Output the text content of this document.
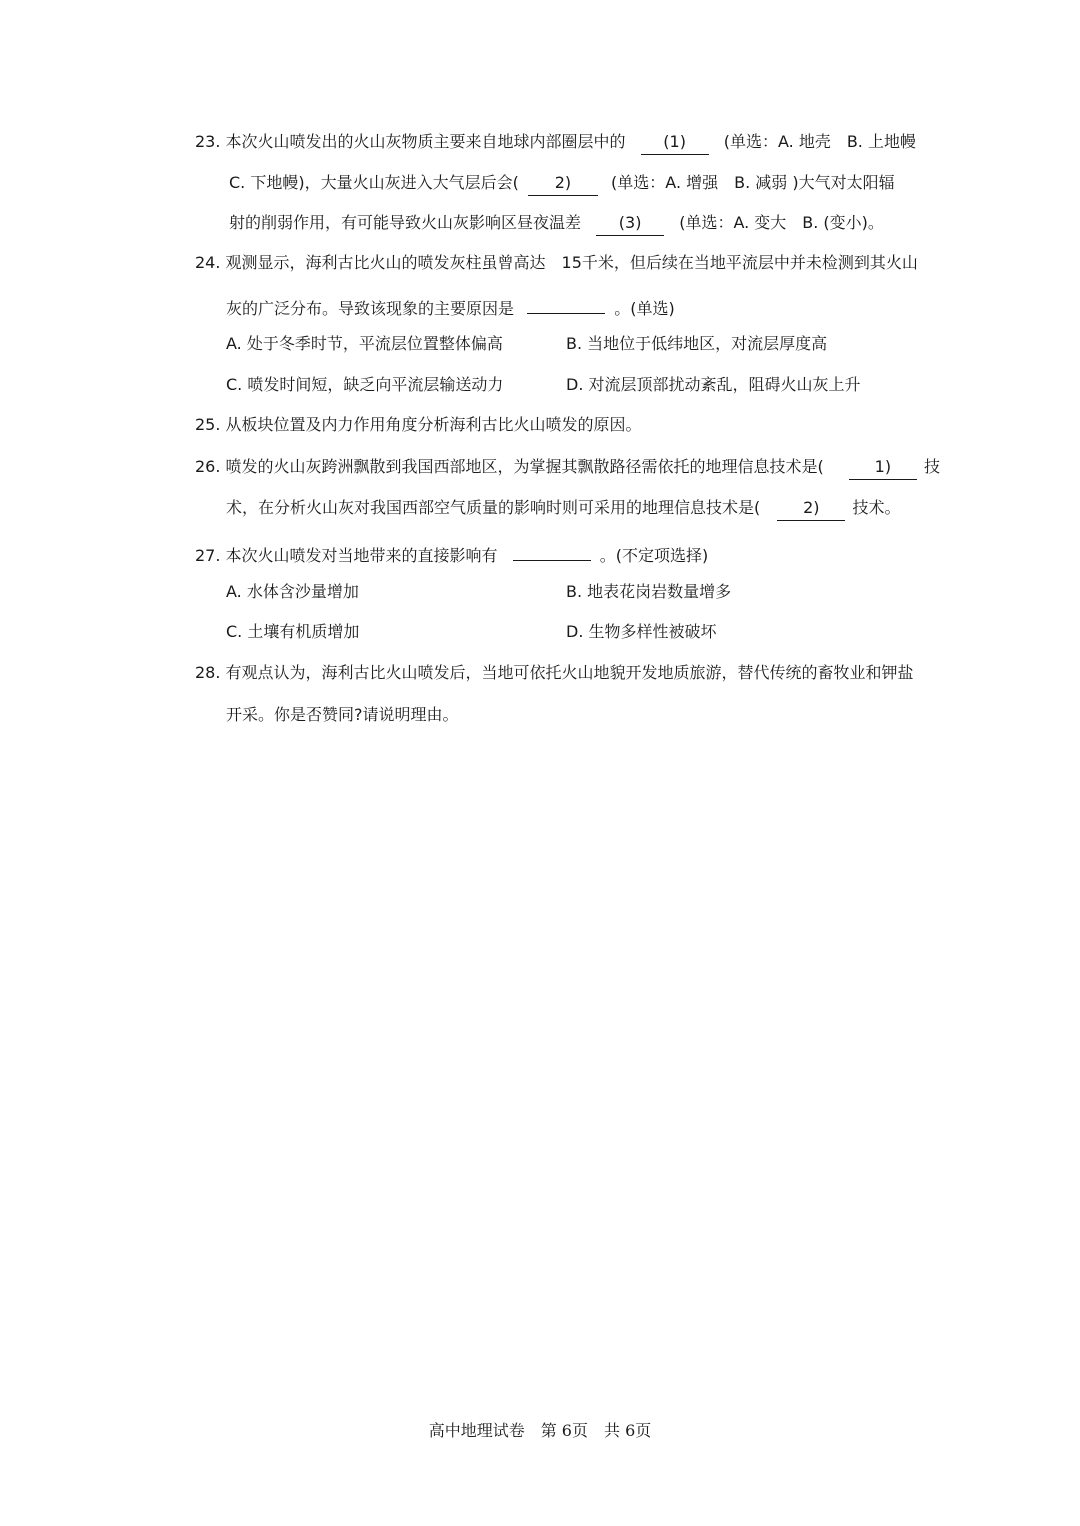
23. 本次火山喷发出的火山灰物质主要来自地球内部圈层中的 (1) (单选：A. 地壳　B. 上地幔
C. 下地幔)，大量火山灰进入大气层后会( 2) (单选：A. 增强　B. 减弱 )大气对太阳辐
射的削弱作用，有可能导致火山灰影响区昼夜温差 (3) (单选：A. 变大　B. (变小)。
24. 观测显示，海利古比火山的喷发灰柱虽曾高达　15千米，但后续在当地平流层中并未检测到其火山
灰的广泛分布。导致该现象的主要原因是	。(单选)
A. 处于冬季时节，平流层位置整体偏高	B. 当地位于低纬地区，对流层厚度高
C. 喷发时间短，缺乏向平流层输送动力	D. 对流层顶部扰动紊乱，阻碍火山灰上升
25. 从板块位置及内力作用角度分析海利古比火山喷发的原因。
26. 喷发的火山灰跨洲飘散到我国西部地区，为掌握其飘散路径需依托的地理信息技术是(	1) 技
术，在分析火山灰对我国西部空气质量的影响时则可采用的地理信息技术是(	2) 技术。
27. 本次火山喷发对当地带来的直接影响有	。(不定项选择)
A. 水体含沙量增加	B. 地表花岗岩数量增多
C. 土壤有机质增加	D. 生物多样性被破坏
28. 有观点认为，海利古比火山喷发后，当地可依托火山地貌开发地质旅游，替代传统的畜牧业和钾盐
开采。你是否赞同?请说明理由。
高中地理试卷　第 6页　共 6页
